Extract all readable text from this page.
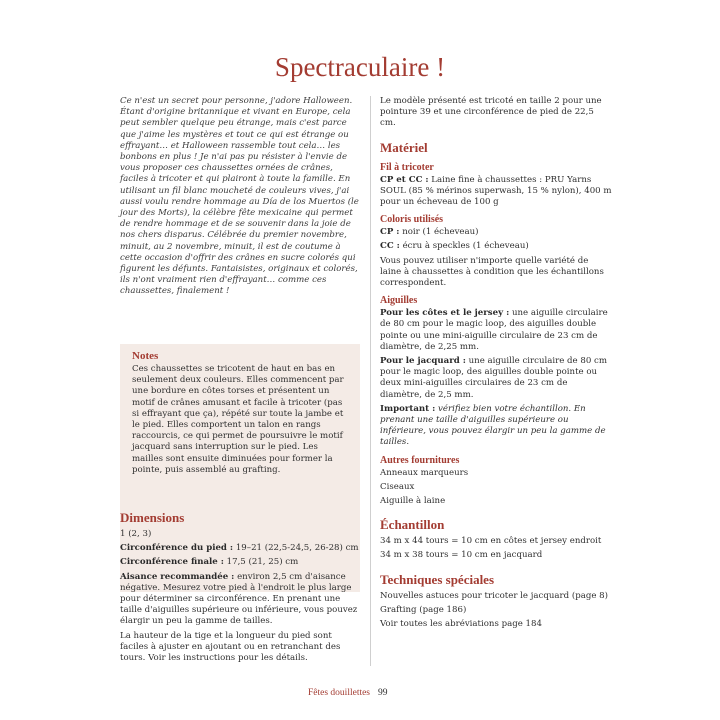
Spectraculaire !

Ce n'est un secret pour personne, j'adore Halloween. Étant d'origine britannique et vivant en Europe, cela peut sembler quelque peu étrange, mais c'est parce que j'aime les mystères et tout ce qui est étrange ou effrayant… et Halloween rassemble tout cela… les bonbons en plus ! Je n'ai pas pu résister à l'envie de vous proposer ces chaussettes ornées de crânes, faciles à tricoter et qui plairont à toute la famille. En utilisant un fil blanc moucheté de couleurs vives, j'ai aussi voulu rendre hommage au Día de los Muertos (le jour des Morts), la célèbre fête mexicaine qui permet de rendre hommage et de se souvenir dans la joie de nos chers disparus. Célébrée du premier novembre, minuit, au 2 novembre, minuit, il est de coutume à cette occasion d'offrir des crânes en sucre colorés qui figurent les défunts. Fantaisistes, originaux et colorés, ils n'ont vraiment rien d'effrayant… comme ces chaussettes, finalement !

Notes

Ces chaussettes se tricotent de haut en bas en seulement deux couleurs. Elles commencent par une bordure en côtes torses et présentent un motif de crânes amusant et facile à tricoter (pas si effrayant que ça), répété sur toute la jambe et le pied. Elles comportent un talon en rangs raccourcis, ce qui permet de poursuivre le motif jacquard sans interruption sur le pied. Les mailles sont ensuite diminuées pour former la pointe, puis assemblé au grafting.

Dimensions

1 (2, 3)

Circonférence du pied : 19–21 (22,5-24,5, 26-28) cm

Circonférence finale : 17,5 (21, 25) cm

Aisance recommandée : environ 2,5 cm d'aisance négative. Mesurez votre pied à l'endroit le plus large pour déterminer sa circonférence. En prenant une taille d'aiguilles supérieure ou inférieure, vous pouvez élargir un peu la gamme de tailles.

La hauteur de la tige et la longueur du pied sont faciles à ajuster en ajoutant ou en retranchant des tours. Voir les instructions pour les détails.

Le modèle présenté est tricoté en taille 2 pour une pointure 39 et une circonférence de pied de 22,5 cm.

Matériel

Fil à tricoter

CP et CC : Laine fine à chaussettes : PRU Yarns SOUL (85 % mérinos superwash, 15 % nylon), 400 m pour un écheveau de 100 g

Coloris utilisés

CP : noir (1 écheveau)

CC : écru à speckles (1 écheveau)

Vous pouvez utiliser n'importe quelle variété de laine à chaussettes à condition que les échantillons correspondent.

Aiguilles

Pour les côtes et le jersey : une aiguille circulaire de 80 cm pour le magic loop, des aiguilles double pointe ou une mini-aiguille circulaire de 23 cm de diamètre, de 2,25 mm.

Pour le jacquard : une aiguille circulaire de 80 cm pour le magic loop, des aiguilles double pointe ou deux mini-aiguilles circulaires de 23 cm de diamètre, de 2,5 mm.

Important : vérifiez bien votre échantillon. En prenant une taille d'aiguilles supérieure ou inférieure, vous pouvez élargir un peu la gamme de tailles.

Autres fournitures

Anneaux marqueurs

Ciseaux

Aiguille à laine

Échantillon

34 m x 44 tours = 10 cm en côtes et jersey endroit

34 m x 38 tours = 10 cm en jacquard

Techniques spéciales

Nouvelles astuces pour tricoter le jacquard (page 8)

Grafting (page 186)

Voir toutes les abréviations page 184

Fêtes douillettes 99
